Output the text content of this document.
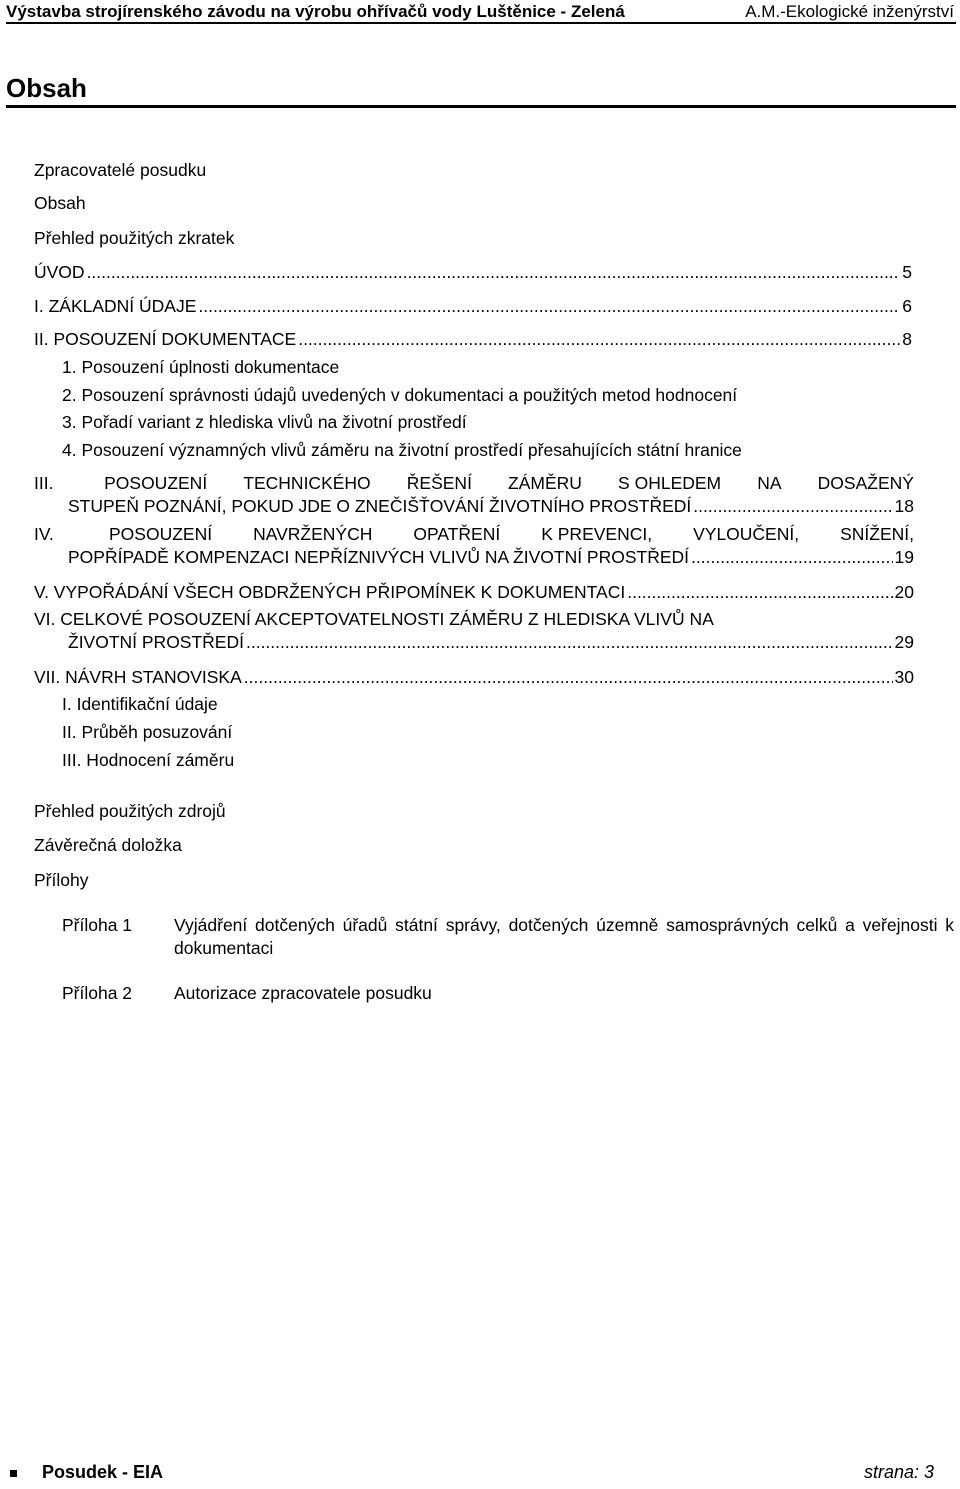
Výstavba strojírenského závodu na výrobu ohřívačů vody Luštěnice - Zelená	A.M.-Ekologické inženýrství
Obsah
Zpracovatelé posudku
Obsah
Přehled použitých zkratek
ÚVOD .....	5
I. ZÁKLADNÍ ÚDAJE .....	6
II. POSOUZENÍ DOKUMENTACE .....	8
1. Posouzení úplnosti dokumentace
2. Posouzení správnosti údajů uvedených v dokumentaci a použitých metod hodnocení
3. Pořadí variant z hlediska vlivů na životní prostředí
4. Posouzení významných vlivů záměru na životní prostředí přesahujících státní hranice
III.	POSOUZENÍ TECHNICKÉHO ŘEŠENÍ ZÁMĚRU S OHLEDEM NA DOSAŽENÝ
STUPEŇ POZNÁNÍ, POKUD JDE O ZNEČIŠŤOVÁNÍ ŽIVOTNÍHO PROSTŘEDÍ .....	18
IV.	POSOUZENÍ NAVRŽENÝCH OPATŘENÍ K PREVENCI, VYLOUČENÍ, SNÍŽENÍ,
POPŘÍPADĚ KOMPENZACI NEPŘÍZNIVÝCH VLIVŮ NA ŽIVOTNÍ PROSTŘEDÍ .....	19
V. VYPOŘÁDÁNÍ VŠECH OBDRŽENÝCH PŘIPOMÍNEK K DOKUMENTACI .....	20
VI. CELKOVÉ POSOUZENÍ AKCEPTOVATELNOSTI ZÁMĚRU Z HLEDISKA VLIVŮ NA
ŽIVOTNÍ PROSTŘEDÍ .....	29
VII. NÁVRH STANOVISKA .....	30
I. Identifikační údaje
II. Průběh posuzování
III. Hodnocení záměru
Přehled použitých zdrojů
Závěrečná doložka
Přílohy
Příloha 1 Vyjádření dotčených úřadů státní správy, dotčených územně samosprávných celků a veřejnosti k dokumentaci
Příloha 2 Autorizace zpracovatele posudku
Posudek - EIA	strana: 3
